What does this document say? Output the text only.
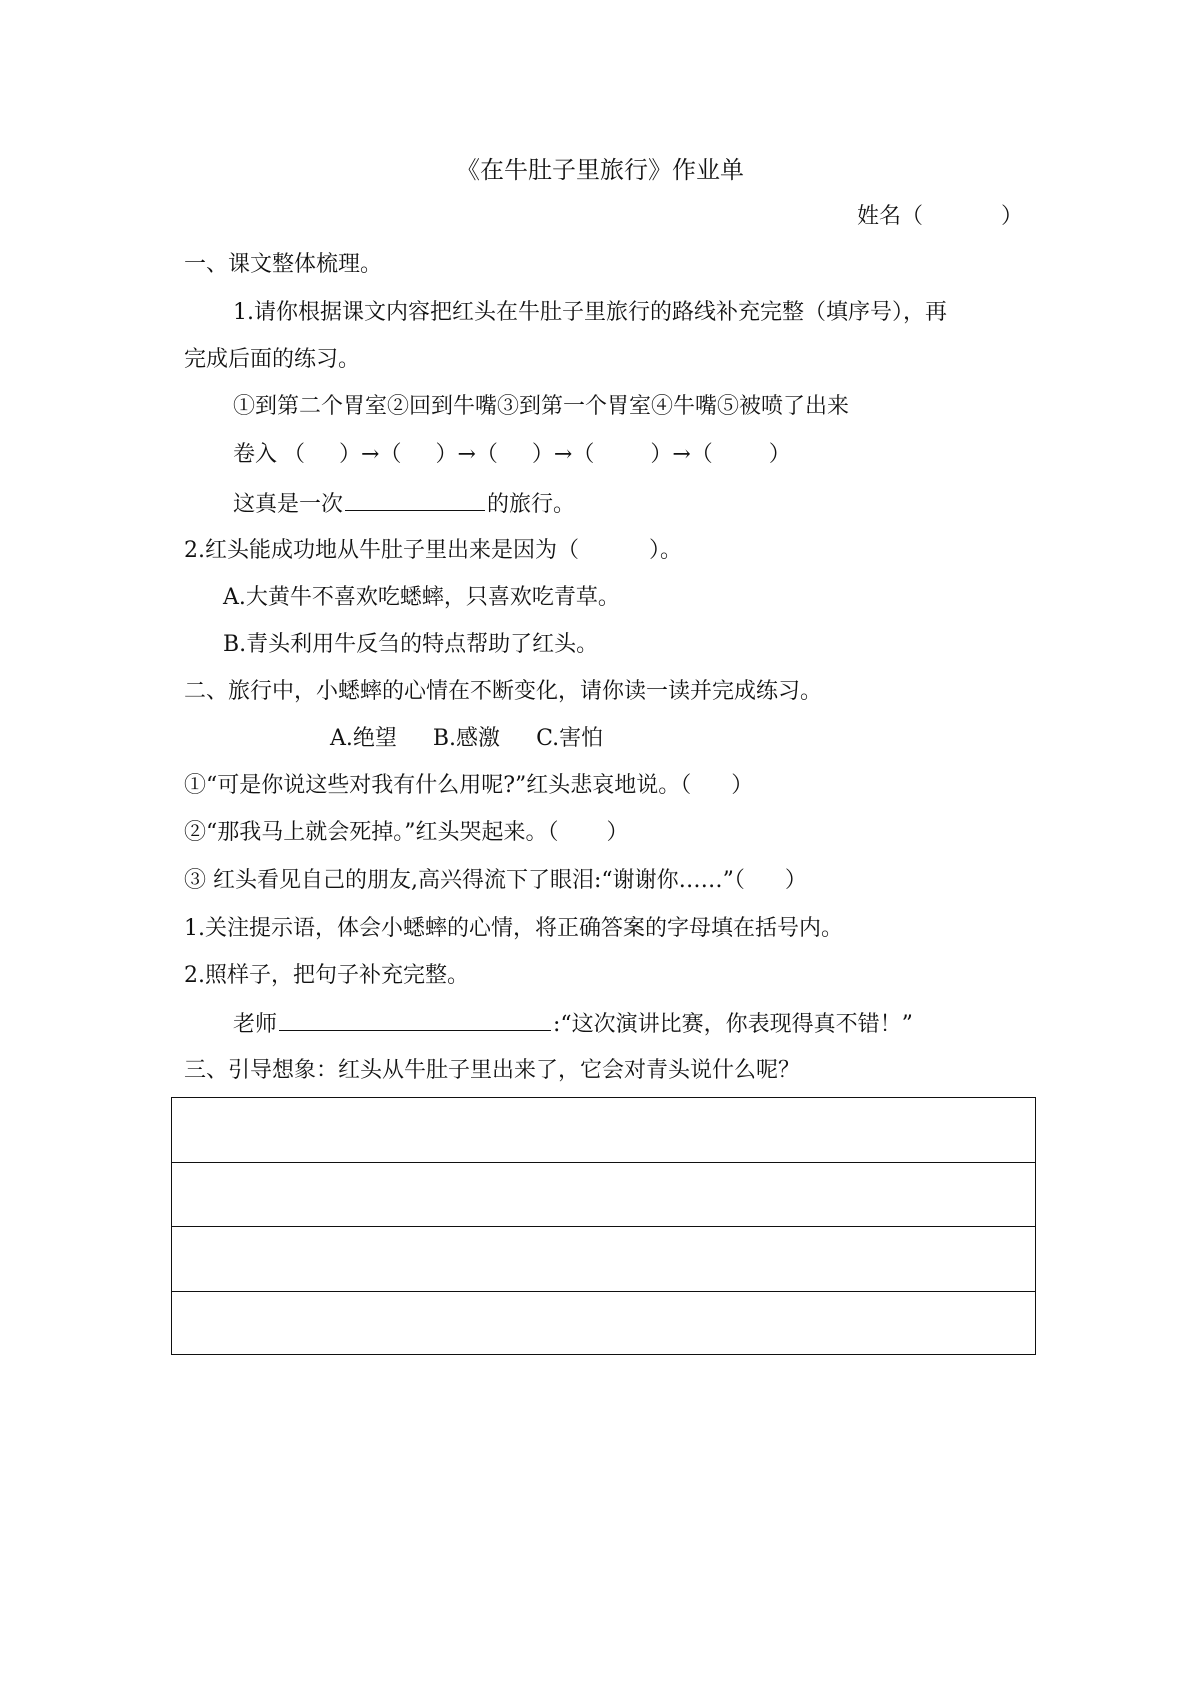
《在牛肚子里旅行》作业单
姓名（	）
一、课文整体梳理。
1.请你根据课文内容把红头在牛肚子里旅行的路线补充完整（填序号），再
完成后面的练习。
①到第二个胃室②回到牛嘴③到第一个胃室④牛嘴⑤被喷了出来
卷入 （ ）→（ ）→（ ）→（	）→（	）
这真是一次	的旅行。
2.红头能成功地从牛肚子里出来是因为（	）。
A.大黄牛不喜欢吃蟋蟀，只喜欢吃青草。
B.青头利用牛反刍的特点帮助了红头。
二、旅行中，小蟋蟀的心情在不断变化，请你读一读并完成练习。
A.绝望 B.感激 C.害怕
①“可是你说这些对我有什么用呢?”红头悲哀地说。（ ）
②“那我马上就会死掉。”红头哭起来。（ ）
③ 红头看见自己的朋友,高兴得流下了眼泪:“谢谢你……”（ ）
1.关注提示语，体会小蟋蟀的心情，将正确答案的字母填在括号内。
2.照样子，把句子补充完整。
老师	:“这次演讲比赛，你表现得真不错！”
三、引导想象：红头从牛肚子里出来了，它会对青头说什么呢？
